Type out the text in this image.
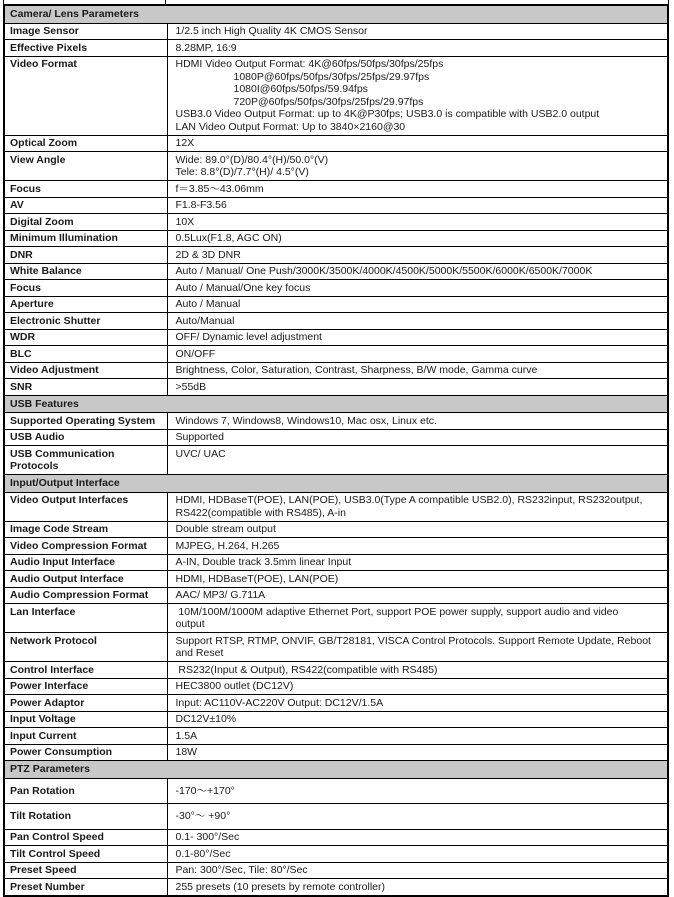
Camera/ Lens Parameters	
Image Sensor	1/2.5 inch High Quality 4K CMOS Sensor

Effective Pixels	8.28MP, 16:9

Video Format	HDMI Video Output Format: 4K@60fps/50fps/30fps/25fps
1080P@60fps/50fps/30fps/25fps/29.97fps
1080I@60fps/50fps/59.94fps
720P@60fps/50fps/30fps/25fps/29.97fps
USB3.0 Video Output Format: up to 4K@P30fps; USB3.0 is compatible with USB2.0 output
LAN Video Output Format: Up to 3840×2160@30

Optical Zoom	12X

View Angle	Wide: 89.0°(D)/80.4°(H)/50.0°(V)
Tele: 8.8°(D)/7.7°(H)/ 4.5°(V)

Focus	f＝3.85～43.06mm

AV	F1.8-F3.56

Digital Zoom	10X

Minimum Illumination	0.5Lux(F1.8, AGC ON)

DNR	2D & 3D DNR

White Balance	Auto / Manual/ One Push/3000K/3500K/4000K/4500K/5000K/5500K/6000K/6500K/7000K

Focus	Auto / Manual/One key focus

Aperture	Auto / Manual

Electronic Shutter	Auto/Manual

WDR	OFF/ Dynamic level adjustment

BLC	ON/OFF

Video Adjustment	Brightness, Color, Saturation, Contrast, Sharpness, B/W mode, Gamma curve

SNR	>55dB

USB Features	
Supported Operating System	Windows 7, Windows8, Windows10, Mac osx, Linux etc.

USB Audio	Supported

USB Communication Protocols	UVC/ UAC

Input/Output Interface	
Video Output Interfaces	HDMI, HDBaseT(POE), LAN(POE), USB3.0(Type A compatible USB2.0), RS232input, RS232output,
RS422(compatible with RS485), A-in

Image Code Stream	Double stream output

Video Compression Format	MJPEG, H.264, H.265

Audio Input Interface	A-IN, Double track 3.5mm linear Input

Audio Output Interface	HDMI, HDBaseT(POE), LAN(POE)

Audio Compression Format	AAC/ MP3/ G.711A

Lan Interface	10M/100M/1000M adaptive Ethernet Port, support POE power supply, support audio and video
output

Network Protocol	Support RTSP, RTMP, ONVIF, GB/T28181, VISCA Control Protocols. Support Remote Update, Reboot
and Reset

Control Interface	RS232(Input & Output), RS422(compatible with RS485)

Power Interface	HEC3800 outlet (DC12V)

Power Adaptor	Input: AC110V-AC220V Output: DC12V/1.5A

Input Voltage	DC12V±10%

Input Current	1.5A

Power Consumption	18W

PTZ Parameters	
Pan Rotation	-170～+170°

Tilt Rotation	-30°～ +90°

Pan Control Speed	0.1- 300°/Sec

Tilt Control Speed	0.1-80°/Sec

Preset Speed	Pan: 300°/Sec, Tile: 80°/Sec

Preset Number	255 presets (10 presets by remote controller)
